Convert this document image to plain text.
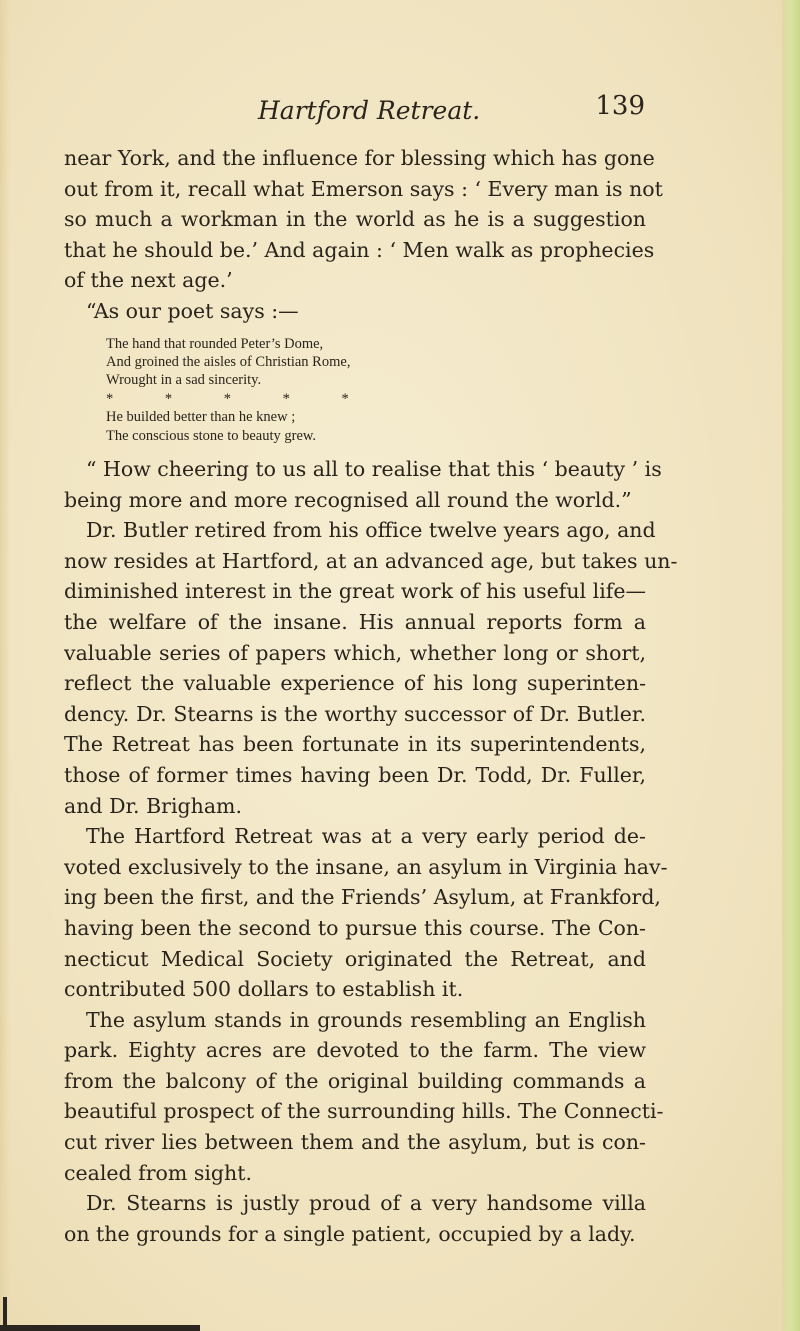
Hartford Retreat.	139
near York, and the influence for blessing which has gone
out from it, recall what Emerson says : ‘ Every man is not
so much a workman in the world as he is a suggestion
that he should be.’ And again : ‘ Men walk as prophecies
of the next age.’
“As our poet says :—
The hand that rounded Peter’s Dome,
And groined the aisles of Christian Rome,
Wrought in a sad sincerity.
* * * * *
He builded better than he knew ;
The conscious stone to beauty grew.
“ How cheering to us all to realise that this ‘ beauty ’ is
being more and more recognised all round the world.”
Dr. Butler retired from his office twelve years ago, and
now resides at Hartford, at an advanced age, but takes un-
diminished interest in the great work of his useful life—
the welfare of the insane. His annual reports form a
valuable series of papers which, whether long or short,
reflect the valuable experience of his long superinten-
dency. Dr. Stearns is the worthy successor of Dr. Butler.
The Retreat has been fortunate in its superintendents,
those of former times having been Dr. Todd, Dr. Fuller,
and Dr. Brigham.
The Hartford Retreat was at a very early period de-
voted exclusively to the insane, an asylum in Virginia hav-
ing been the first, and the Friends’ Asylum, at Frankford,
having been the second to pursue this course. The Con-
necticut Medical Society originated the Retreat, and
contributed 500 dollars to establish it.
The asylum stands in grounds resembling an English
park. Eighty acres are devoted to the farm. The view
from the balcony of the original building commands a
beautiful prospect of the surrounding hills. The Connecti-
cut river lies between them and the asylum, but is con-
cealed from sight.
Dr. Stearns is justly proud of a very handsome villa
on the grounds for a single patient, occupied by a lady.
